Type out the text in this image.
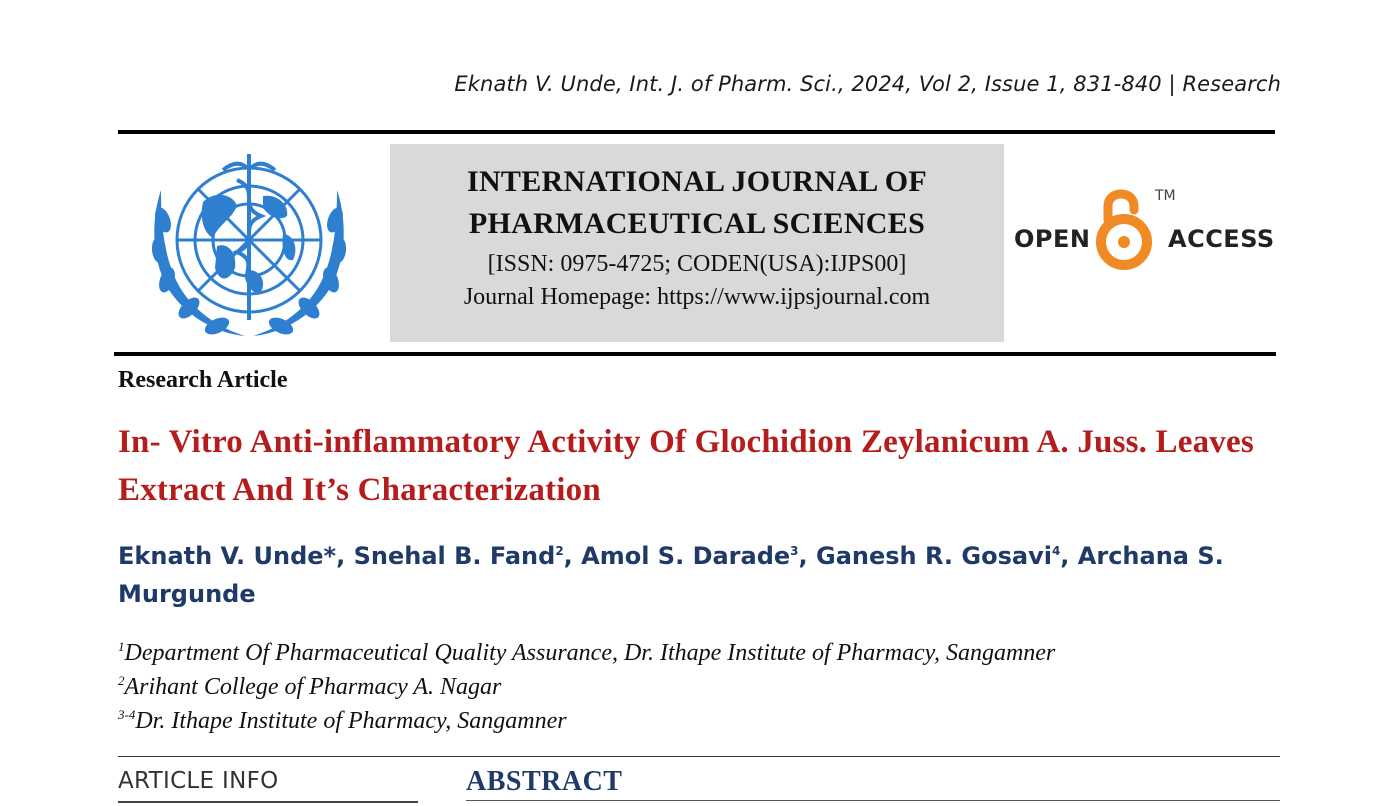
Eknath V. Unde, Int. J. of Pharm. Sci., 2024, Vol 2, Issue 1, 831-840 | Research
INTERNATIONAL JOURNAL OF
PHARMACEUTICAL SCIENCES
[ISSN: 0975-4725; CODEN(USA):IJPS00]
Journal Homepage: https://www.ijpsjournal.com
OPEN
TM
ACCESS
Research Article
In- Vitro Anti-inflammatory Activity Of Glochidion Zeylanicum A. Juss. Leaves Extract And It’s Characterization
Eknath V. Unde*, Snehal B. Fand$^2$, Amol S. Darade$^3$, Ganesh R. Gosavi$^4$, Archana S. Murgunde
$^1$Department Of Pharmaceutical Quality Assurance, Dr. Ithape Institute of Pharmacy, Sangamner
$^2$Arihant College of Pharmacy A. Nagar
$^{3-4}$Dr. Ithape Institute of Pharmacy, Sangamner
ARTICLE INFO	ABSTRACT
